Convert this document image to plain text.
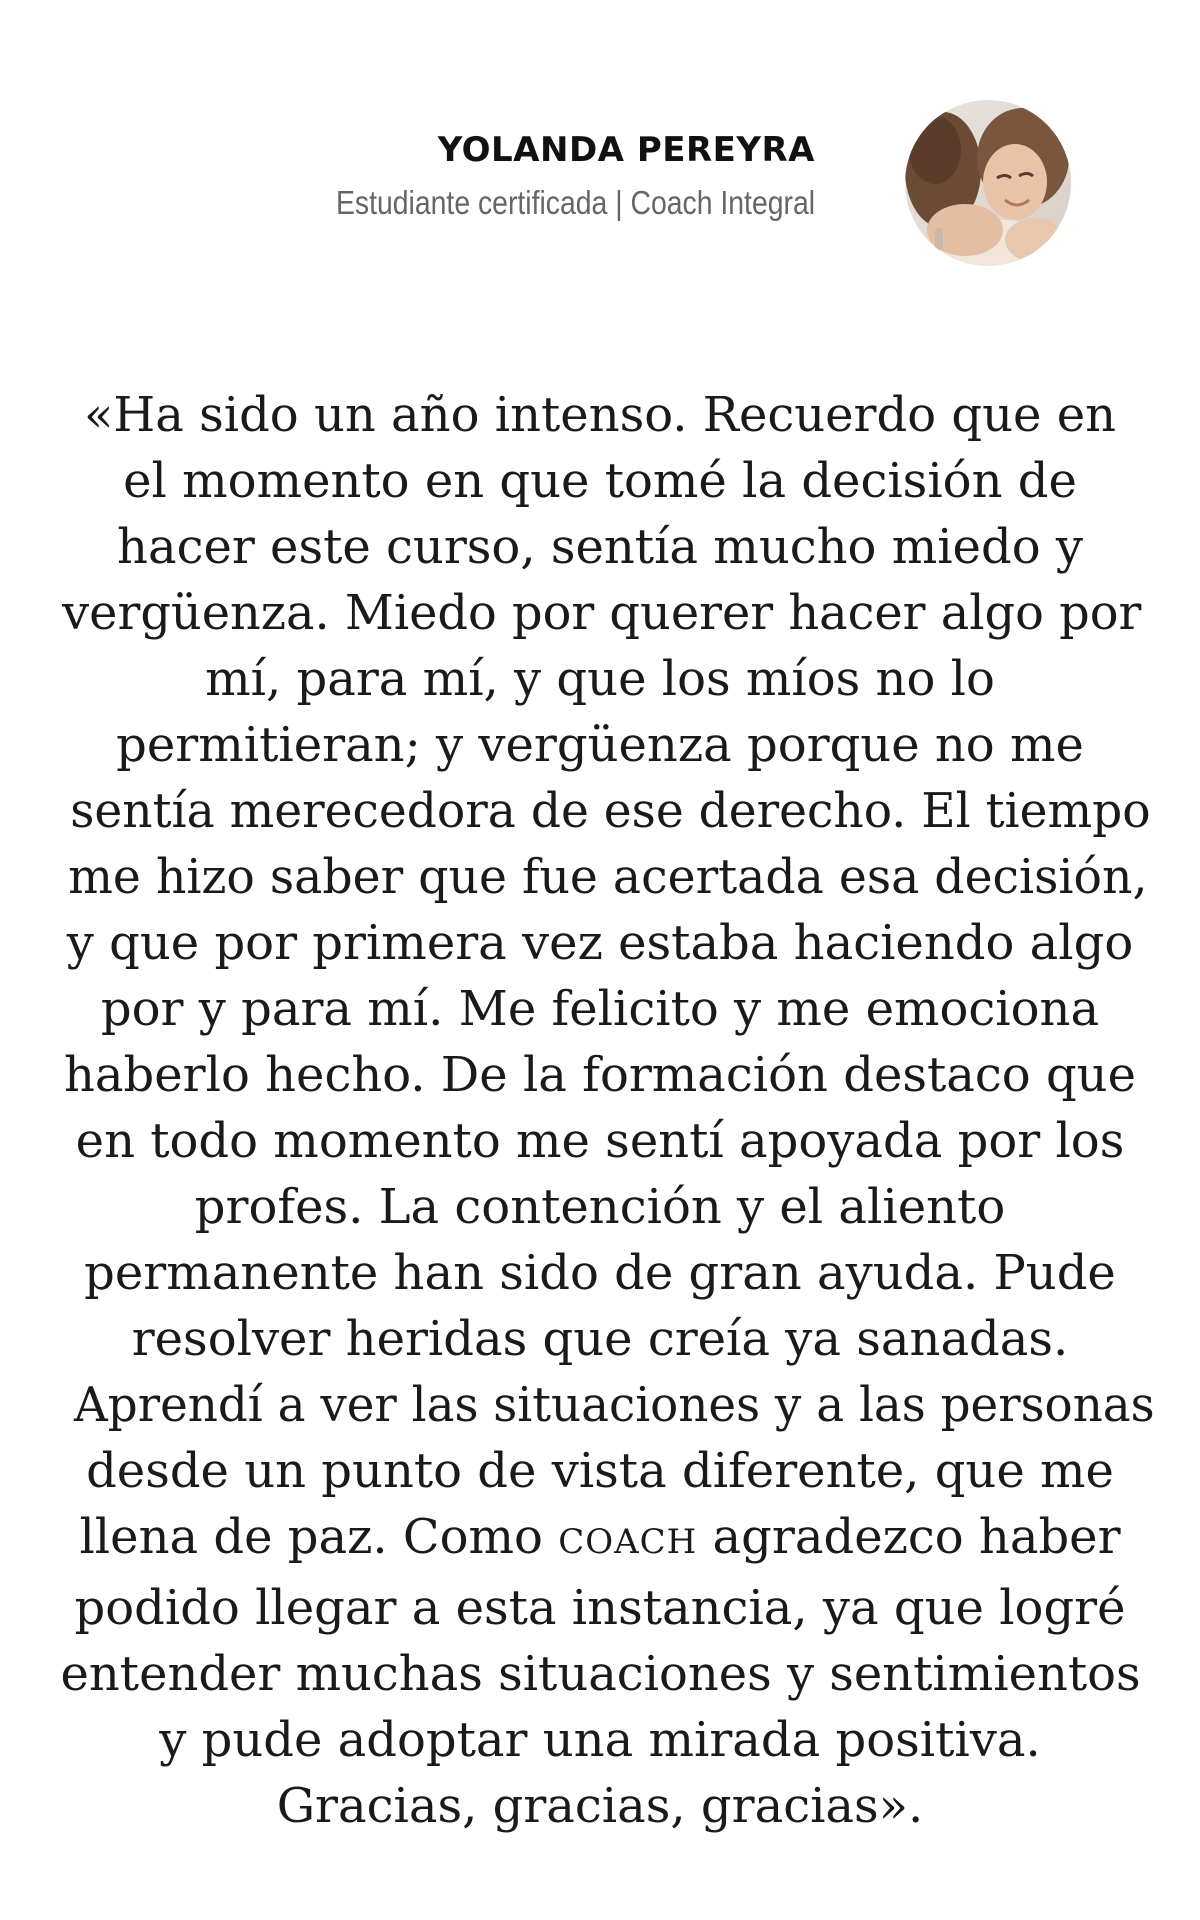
YOLANDA PEREYRA
Estudiante certificada | Coach Integral

«Ha sido un año intenso. Recuerdo que en
el momento en que tomé la decisión de
hacer este curso, sentía mucho miedo y
vergüenza. Miedo por querer hacer algo por
mí, para mí, y que los míos no lo
permitieran; y vergüenza porque no me
sentía merecedora de ese derecho. El tiempo
me hizo saber que fue acertada esa decisión,
y que por primera vez estaba haciendo algo
por y para mí. Me felicito y me emociona
haberlo hecho. De la formación destaco que
en todo momento me sentí apoyada por los
profes. La contención y el aliento
permanente han sido de gran ayuda. Pude
resolver heridas que creía ya sanadas.
Aprendí a ver las situaciones y a las personas
desde un punto de vista diferente, que me
llena de paz. Como COACH agradezco haber
podido llegar a esta instancia, ya que logré
entender muchas situaciones y sentimientos
y pude adoptar una mirada positiva.
Gracias, gracias, gracias».
